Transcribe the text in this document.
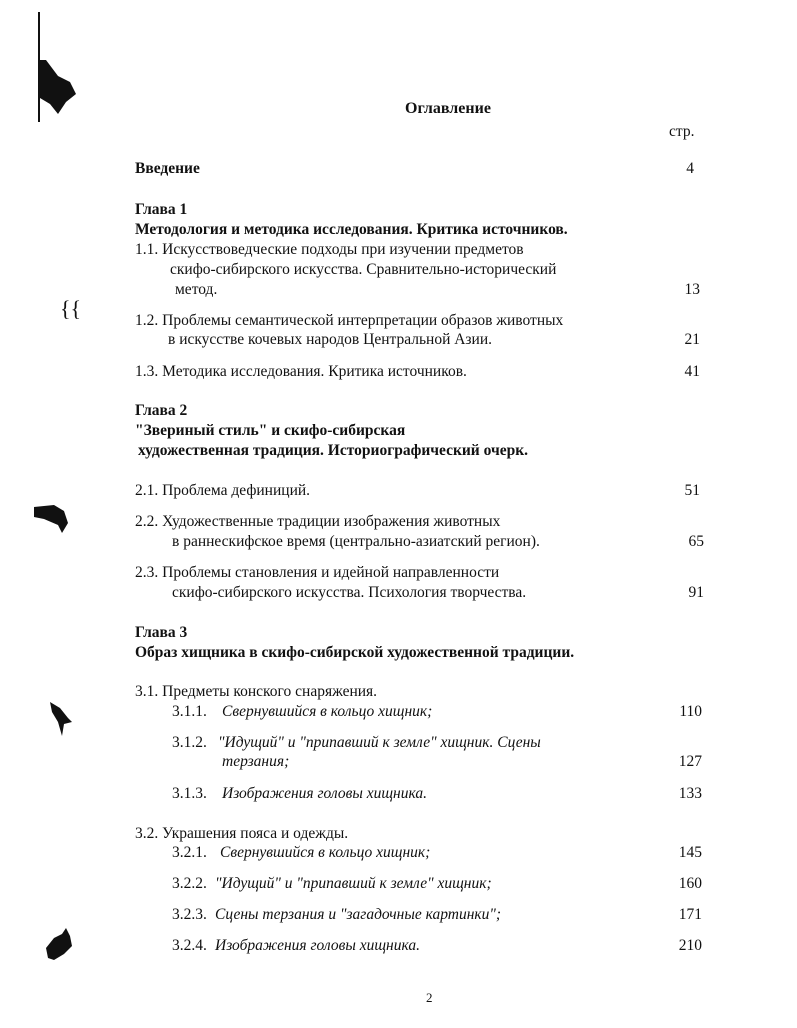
{{
Оглавление
стр.
Введение	4
Глава 1
Методология и методика исследования. Критика источников.
1.1. Искусствоведческие подходы при изучении предметов
скифо-сибирского искусства. Сравнительно-исторический
метод.	13
1.2. Проблемы семантической интерпретации образов животных
в искусстве кочевых народов Центральной Азии.	21
1.3. Методика исследования. Критика источников.	41
Глава 2
"Звериный стиль" и скифо-сибирская
художественная традиция. Историографический очерк.
2.1. Проблема дефиниций.	51
2.2. Художественные традиции изображения животных
в раннескифское время (центрально-азиатский регион).	65
2.3. Проблемы становления и идейной направленности
скифо-сибирского искусства. Психология творчества.	91
Глава 3
Образ хищника в скифо-сибирской художественной традиции.
3.1. Предметы конского снаряжения.
3.1.1. Свернувшийся в кольцо хищник;	110
3.1.2. "Идущий" и "припавший к земле" хищник. Сцены
терзания;	127
3.1.3. Изображения головы хищника.	133
3.2. Украшения пояса и одежды.
3.2.1. Свернувшийся в кольцо хищник;	145
3.2.2. "Идущий" и "припавший к земле" хищник;	160
3.2.3. Сцены терзания и "загадочные картинки";	171
3.2.4. Изображения головы хищника.	210
2
